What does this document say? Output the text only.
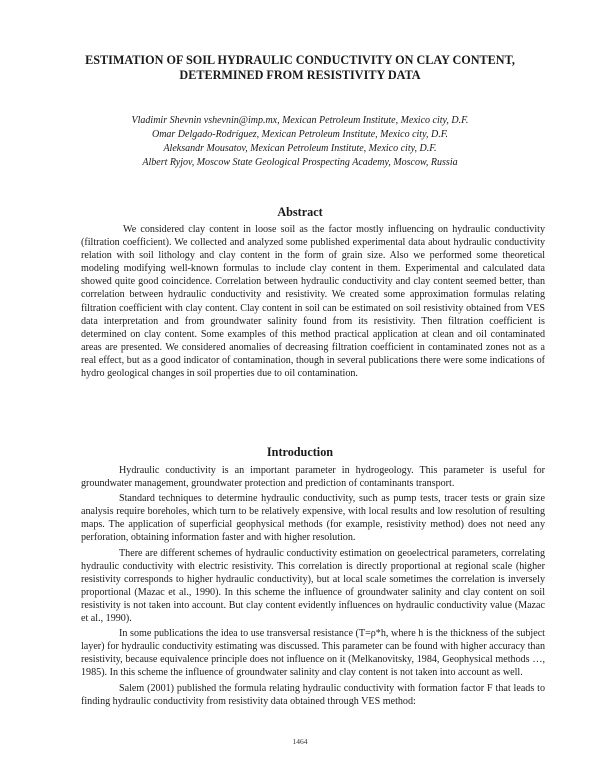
ESTIMATION OF SOIL HYDRAULIC CONDUCTIVITY ON CLAY CONTENT,
DETERMINED FROM RESISTIVITY DATA
Vladimir Shevnin vshevnin@imp.mx, Mexican Petroleum Institute, Mexico city, D.F.
Omar Delgado-Rodríguez, Mexican Petroleum Institute, Mexico city, D.F.
Aleksandr Mousatov, Mexican Petroleum Institute, Mexico city, D.F.
Albert Ryjov, Moscow State Geological Prospecting Academy, Moscow, Russia
Abstract

We considered clay content in loose soil as the factor mostly influencing on hydraulic conductivity (filtration coefficient). We collected and analyzed some published experimental data about hydraulic conductivity relation with soil lithology and clay content in the form of grain size. Also we performed some theoretical modeling modifying well-known formulas to include clay content in them. Experimental and calculated data showed quite good coincidence. Correlation between hydraulic conductivity and clay content seemed better, than correlation between hydraulic conductivity and resistivity. We created some approximation formulas relating filtration coefficient with clay content. Clay content in soil can be estimated on soil resistivity obtained from VES data interpretation and from groundwater salinity found from its resistivity. Then filtration coefficient is determined on clay content. Some examples of this method practical application at clean and oil contaminated areas are presented. We considered anomalies of decreasing filtration coefficient in contaminated zones not as a real effect, but as a good indicator of contamination, though in several publications there were some indications of hydro geological changes in soil properties due to oil contamination.

Introduction

Hydraulic conductivity is an important parameter in hydrogeology. This parameter is useful for groundwater management, groundwater protection and prediction of contaminants transport.

Standard techniques to determine hydraulic conductivity, such as pump tests, tracer tests or grain size analysis require boreholes, which turn to be relatively expensive, with local results and low resolution of resulting maps. The application of superficial geophysical methods (for example, resistivity method) does not need any perforation, obtaining information faster and with higher resolution.

There are different schemes of hydraulic conductivity estimation on geoelectrical parameters, correlating hydraulic conductivity with electric resistivity. This correlation is directly proportional at regional scale (higher resistivity corresponds to higher hydraulic conductivity), but at local scale sometimes the correlation is inversely proportional (Mazac et al., 1990). In this scheme the influence of groundwater salinity and clay content on soil resistivity is not taken into account. But clay content evidently influences on hydraulic conductivity value (Mazac et al., 1990).

In some publications the idea to use transversal resistance (T=ρ*h, where h is the thickness of the subject layer) for hydraulic conductivity estimating was discussed. This parameter can be found with higher accuracy than resistivity, because equivalence principle does not influence on it (Melkanovitsky, 1984, Geophysical methods …, 1985). In this scheme the influence of groundwater salinity and clay content is not taken into account as well.

Salem (2001) published the formula relating hydraulic conductivity with formation factor F that leads to finding hydraulic conductivity from resistivity data obtained through VES method:

1464
